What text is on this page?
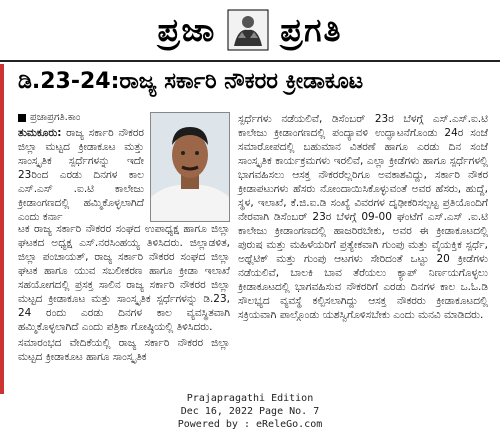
ಪ್ರಜಾ ಪ್ರಗತಿ
ಡಿ.23-24:ರಾಜ್ಯ ಸರ್ಕಾರಿ ನೌಕರರ ಕ್ರೀಡಾಕೂಟ
ಪ್ರಜಾಪ್ರಗತಿ.ಕಾಂ

ತುಮಕೂರು: ರಾಜ್ಯ ಸರ್ಕಾರಿ ನೌಕರರ ಜಿಲ್ಲಾ ಮಟ್ಟದ ಕ್ರೀಡಾಕೂಟ ಮತ್ತು ಸಾಂಸ್ಕೃತಿಕ ಸ್ಪರ್ಧೆಗಳನ್ನು ಇದೇ 23ರಿಂದ ಎರಡು ದಿನಗಳ ಕಾಲ ಎಸ್.ಎಸ್ .ಐ.ಟಿ ಕಾಲೇಜು ಕ್ರೀಡಾಂಗಣದಲ್ಲಿ ಹಮ್ಮಿಕೊಳ್ಳಲಾಗಿದೆ ಎಂದು ಕರ್ನಾ

ಟಕ ರಾಜ್ಯ ಸರ್ಕಾರಿ ನೌಕರರ ಸಂಘದ ಉಪಾಧ್ಯಕ್ಷ ಹಾಗೂ ಜಿಲ್ಲಾ ಘಟಕದ ಅಧ್ಯಕ್ಷ ಎಸ್.ನರಸಿಂಹಯ್ಯ ತಿಳಿಸಿದರು. ಜಿಲ್ಲಾಡಳಿತ, ಜಿಲ್ಲಾ ಪಂಚಾಯತ್, ರಾಜ್ಯ ಸರ್ಕಾರಿ ನೌಕರರ ಸಂಘದ ಜಿಲ್ಲಾ ಘಟಕ ಹಾಗೂ ಯುವ ಸಬಲೀಕರಣ ಹಾಗೂ ಕ್ರೀಡಾ ಇಲಾಖೆ ಸಹಯೋಗದಲ್ಲಿ ಪ್ರಸಕ್ತ ಸಾಲಿನ ರಾಜ್ಯ ಸರ್ಕಾರಿ ನೌಕರರ ಜಿಲ್ಲಾ ಮಟ್ಟದ ಕ್ರೀಡಾಕೂಟ ಮತ್ತು ಸಾಂಸ್ಕೃತಿಕ ಸ್ಪರ್ಧೆಗಳನ್ನು ಡಿ.23, 24 ರಂದು ಎರಡು ದಿನಗಳ ಕಾಲ ವ್ಯವಸ್ಥಿತವಾಗಿ ಹಮ್ಮಿಕೊಳ್ಳಲಾಗಿದೆ ಎಂದು ಪತ್ರಿಕಾ ಗೋಷ್ಠಿಯಲ್ಲಿ ತಿಳಿಸಿದರು.

ಸಮಾರಂಭದ ವೇದಿಕೆಯಲ್ಲಿ ರಾಜ್ಯ ಸರ್ಕಾರಿ ನೌಕರರ ಜಿಲ್ಲಾ ಮಟ್ಟದ ಕ್ರೀಡಾಕೂಟ ಹಾಗೂ ಸಾಂಸ್ಕೃತಿಕ

ಸ್ಪರ್ಧೆಗಳು ನಡೆಯಲಿವೆ, ಡಿಸೆಂಬರ್ 23ರ ಬೆಳಗ್ಗೆ ಎಸ್.ಎಸ್.ಐ.ಟಿ ಕಾಲೇಜು ಕ್ರೀಡಾಂಗಣದಲ್ಲಿ ಪಂದ್ಯಾವಳಿ ಉದ್ಘಾಟನೆಗೊಂಡು 24ರ ಸಂಜೆ ಸಮಾರೋಪದಲ್ಲಿ ಬಹುಮಾನ ವಿತರಣೆ ಹಾಗೂ ಎರಡು ದಿನ ಸಂಜೆ ಸಾಂಸ್ಕೃತಿಕ ಕಾರ್ಯಕ್ರಮಗಳು ಇರಲಿವೆ, ಎಲ್ಲಾ ಕ್ರೀಡೆಗಳು ಹಾಗೂ ಸ್ಪರ್ಧೆಗಳಲ್ಲಿ ಭಾಗವಹಿಸಲು ಆಸಕ್ತ ನೌಕರರೆಲ್ಲರಿಗೂ ಅವಕಾಶವಿದ್ದು, ಸರ್ಕಾರಿ ನೌಕರ ಕ್ರೀಡಾಪಟುಗಳು ಹೆಸರು ನೋಂದಾಯಿಸಿಕೊಳ್ಳುವಂತೆ ಅವರ ಹೆಸರು, ಹುದ್ದೆ, ಸ್ಥಳ, ಇಲಾಖೆ, ಕೆ.ಜಿ.ಐ.ಡಿ ಸಂಖ್ಯೆ ವಿವರಗಳ ದೃಢೀಕರಿಸಲ್ಪಟ್ಟ ಪ್ರತಿಯೊಂದಿಗೆ ನೇರವಾಗಿ ಡಿಸೆಂಬರ್ 23ರ ಬೆಳಗ್ಗೆ 09-00 ಘಂಟೆಗೆ ಎಸ್.ಎಸ್ .ಐ.ಟಿ ಕಾಲೇಜು ಕ್ರೀಡಾಂಗಣದಲ್ಲಿ ಹಾಜರಿರಬೇಕು, ಅವರ ಈ ಕ್ರೀಡಾಕೂಟದಲ್ಲಿ ಪುರುಷ ಮತ್ತು ಮಹಿಳೆಯರಿಗೆ ಪ್ರತ್ಯೇಕವಾಗಿ ಗುಂಪು ಮತ್ತು ವೈಯಕ್ತಿಕ ಸ್ಪರ್ಧೆ, ಅಥ್ಲೆಟಿಕ್ ಮತ್ತು ಗುಂಪು ಆಟಗಳು ಸೇರಿದಂತೆ ಒಟ್ಟು 20 ಕ್ರೀಡೆಗಳು ನಡೆಯಲಿವೆ, ಬಾಲಕಿ ಬಾವ ತೆರೆಯಲು ಕ್ಯಾಪ್ ನಿರ್ಣಯಗೊಳ್ಳಲು ಕ್ರೀಡಾಕೂಟದಲ್ಲಿ ಭಾಗವಹಿಸುವ ನೌಕರರಿಗೆ ಎರಡು ದಿನಗಳ ಕಾಲ ಒ.ಓ.ಡಿ ಸೌಲಭ್ಯದ ವ್ಯವಸ್ಥೆ ಕಲ್ಪಿಸಲಾಗಿದ್ದು ಆಸಕ್ತ ನೌಕರರು ಕ್ರೀಡಾಕೂಟದಲ್ಲಿ ಸಕ್ರಿಯವಾಗಿ ಪಾಲ್ಗೊಂಡು ಯಶಸ್ವಿಗೊಳಿಸಬೇಕು ಎಂದು ಮನವಿ ಮಾಡಿದರು.

Prajapragathi Edition
Dec 16, 2022 Page No. 7
Powered by : eReleGo.com
